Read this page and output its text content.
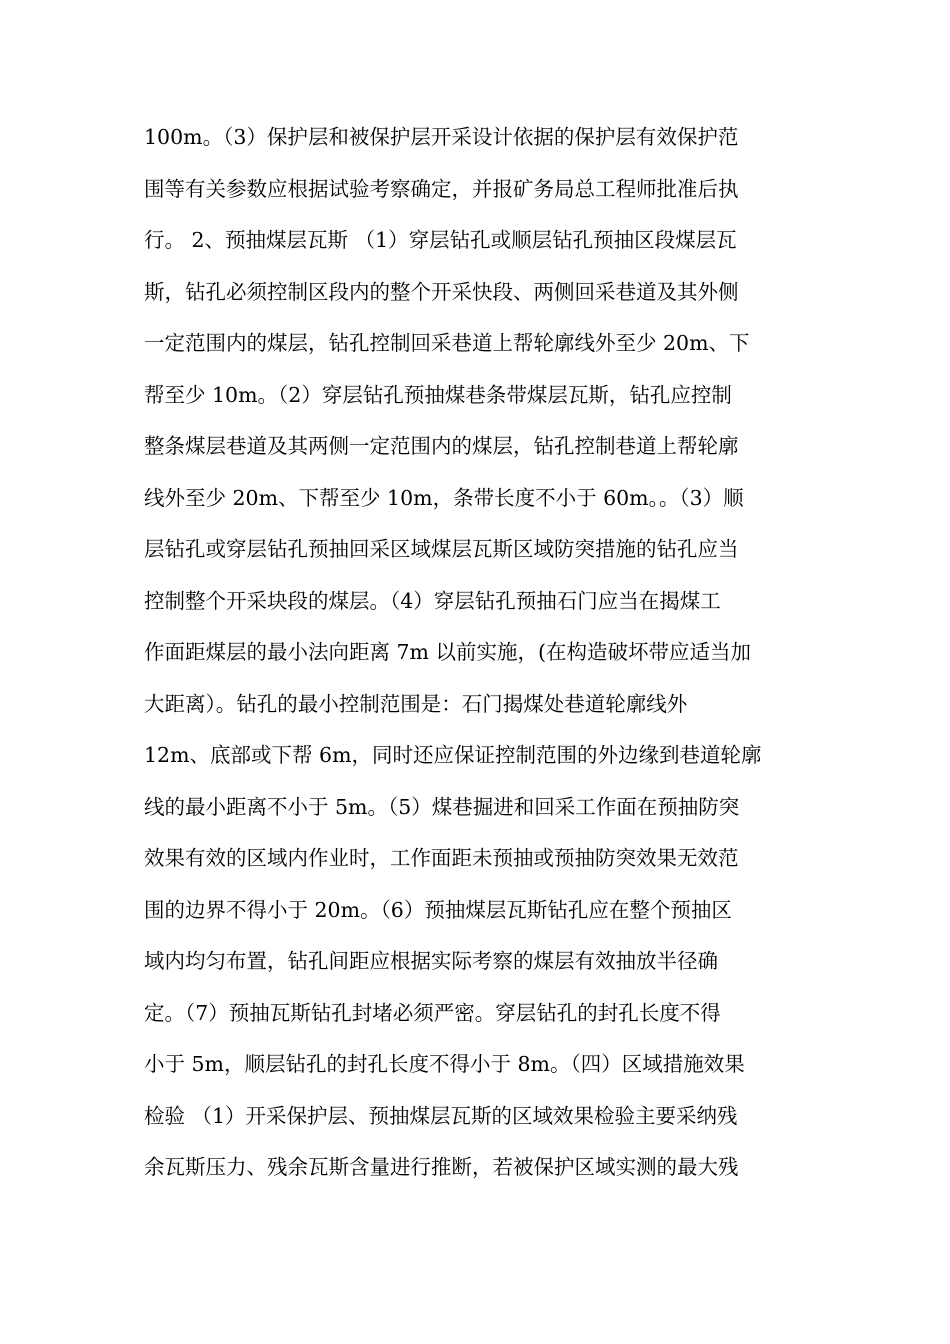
100m。（3）保护层和被保护层开采设计依据的保护层有效保护范
围等有关参数应根据试验考察确定，并报矿务局总工程师批准后执
行。 2、预抽煤层瓦斯 （1）穿层钻孔或顺层钻孔预抽区段煤层瓦
斯，钻孔必须控制区段内的整个开采快段、两侧回采巷道及其外侧
一定范围内的煤层，钻孔控制回采巷道上帮轮廓线外至少 20m、下
帮至少 10m。（2）穿层钻孔预抽煤巷条带煤层瓦斯，钻孔应控制
整条煤层巷道及其两侧一定范围内的煤层，钻孔控制巷道上帮轮廓
线外至少 20m、下帮至少 10m，条带长度不小于 60m。。（3）顺
层钻孔或穿层钻孔预抽回采区域煤层瓦斯区域防突措施的钻孔应当
控制整个开采块段的煤层。（4）穿层钻孔预抽石门应当在揭煤工
作面距煤层的最小法向距离 7m 以前实施，(在构造破坏带应适当加
大距离）。钻孔的最小控制范围是：石门揭煤处巷道轮廓线外
12m、底部或下帮 6m，同时还应保证控制范围的外边缘到巷道轮廓
线的最小距离不小于 5m。（5）煤巷掘进和回采工作面在预抽防突
效果有效的区域内作业时，工作面距未预抽或预抽防突效果无效范
围的边界不得小于 20m。（6）预抽煤层瓦斯钻孔应在整个预抽区
域内均匀布置，钻孔间距应根据实际考察的煤层有效抽放半径确
定。（7）预抽瓦斯钻孔封堵必须严密。穿层钻孔的封孔长度不得
小于 5m，顺层钻孔的封孔长度不得小于 8m。（四）区域措施效果
检验 （1）开采保护层、预抽煤层瓦斯的区域效果检验主要采纳残
余瓦斯压力、残余瓦斯含量进行推断，若被保护区域实测的最大残
